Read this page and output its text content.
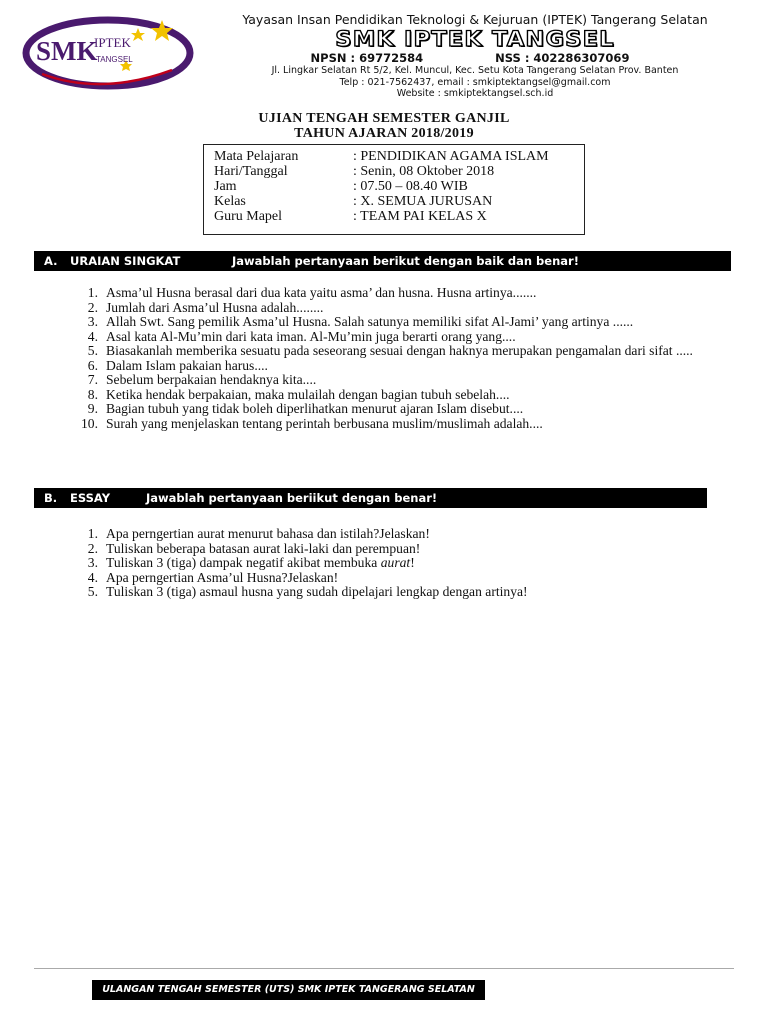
SMK
IPTEK
TANGSEL
Yayasan Insan Pendidikan Teknologi & Kejuruan (IPTEK) Tangerang Selatan
SMK IPTEK TANGSEL
NPSN : 69772584	NSS : 402286307069
Jl. Lingkar Selatan Rt 5/2, Kel. Muncul, Kec. Setu Kota Tangerang Selatan Prov. Banten
Telp : 021-7562437, email : smkiptektangsel@gmail.com
Website : smkiptektangsel.sch.id
UJIAN TENGAH SEMESTER GANJIL
TAHUN AJARAN 2018/2019
Mata Pelajaran	: PENDIDIKAN AGAMA ISLAM
Hari/Tanggal	: Senin, 08 Oktober 2018
Jam	: 07.50 – 08.40 WIB
Kelas	: X. SEMUA JURUSAN
Guru Mapel	: TEAM PAI KELAS X
A.	URAIAN SINGKAT	Jawablah pertanyaan berikut dengan baik dan benar!
1. Asma’ul Husna berasal dari dua kata yaitu asma’ dan husna. Husna artinya.......
2. Jumlah dari Asma’ul Husna adalah........
3. Allah Swt. Sang pemilik Asma’ul Husna. Salah satunya memiliki sifat Al-Jami’ yang artinya ......
4. Asal kata Al-Mu’min dari kata iman. Al-Mu’min juga berarti orang yang....
5. Biasakanlah memberika sesuatu pada seseorang sesuai dengan haknya merupakan pengamalan dari sifat .....
6. Dalam Islam pakaian harus....
7. Sebelum berpakaian hendaknya kita....
8. Ketika hendak berpakaian, maka mulailah dengan bagian tubuh sebelah....
9. Bagian tubuh yang tidak boleh diperlihatkan menurut ajaran Islam disebut....
10. Surah yang menjelaskan tentang perintah berbusana muslim/muslimah adalah....
B.	ESSAY	Jawablah pertanyaan beriikut dengan benar!
1. Apa perngertian aurat menurut bahasa dan istilah?Jelaskan!
2. Tuliskan beberapa batasan aurat laki-laki dan perempuan!
3. Tuliskan 3 (tiga) dampak negatif akibat membuka aurat!
4. Apa perngertian Asma’ul Husna?Jelaskan!
5. Tuliskan 3 (tiga) asmaul husna yang sudah dipelajari lengkap dengan artinya!
ULANGAN TENGAH SEMESTER (UTS) SMK IPTEK TANGERANG SELATAN
